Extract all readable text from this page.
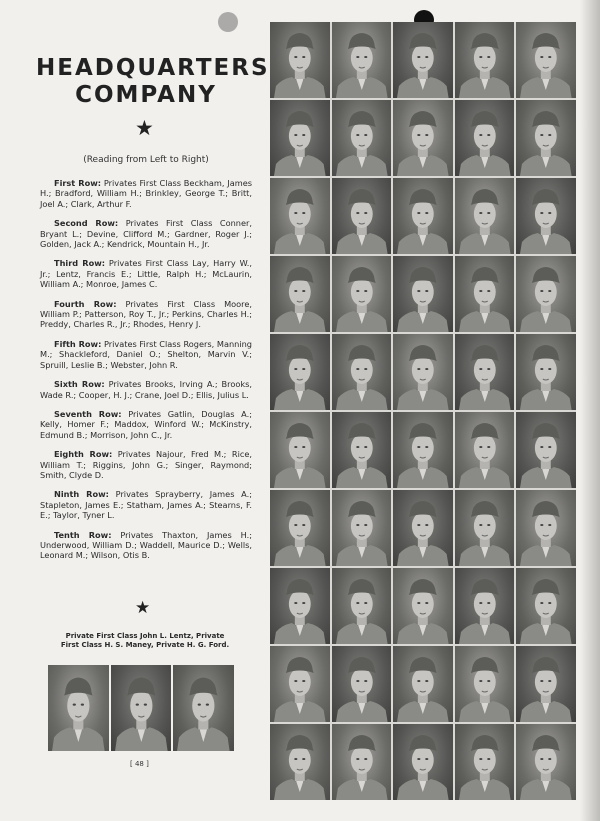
HEADQUARTERS
COMPANY
★
(Reading from Left to Right)

First Row: Privates First Class Beckham, James H.; Bradford, William H.; Brinkley, George T.; Britt, Joel A.; Clark, Arthur F.

Second Row: Privates First Class Conner, Bryant L.; Devine, Clifford M.; Gardner, Roger J.; Golden, Jack A.; Kendrick, Mountain H., Jr.

Third Row: Privates First Class Lay, Harry W., Jr.; Lentz, Francis E.; Little, Ralph H.; McLaurin, William A.; Monroe, James C.

Fourth Row: Privates First Class Moore, William P.; Patterson, Roy T., Jr.; Perkins, Charles H.; Preddy, Charles R., Jr.; Rhodes, Henry J.

Fifth Row: Privates First Class Rogers, Manning M.; Shackleford, Daniel O.; Shelton, Marvin V.; Spruill, Leslie B.; Webster, John R.

Sixth Row: Privates Brooks, Irving A.; Brooks, Wade R.; Cooper, H. J.; Crane, Joel D.; Ellis, Julius L.

Seventh Row: Privates Gatlin, Douglas A.; Kelly, Homer F.; Maddox, Winford W.; McKinstry, Edmund B.; Morrison, John C., Jr.

Eighth Row: Privates Najour, Fred M.; Rice, William T.; Riggins, John G.; Singer, Raymond; Smith, Clyde D.

Ninth Row: Privates Sprayberry, James A.; Stapleton, James E.; Statham, James A.; Stearns, F. E.; Taylor, Tyner L.

Tenth Row: Privates Thaxton, James H.; Underwood, William D.; Waddell, Maurice D.; Wells, Leonard M.; Wilson, Otis B.

★
Private First Class John L. Lentz, Private First Class H. S. Maney, Private H. G. Ford.
[ 48 ]
